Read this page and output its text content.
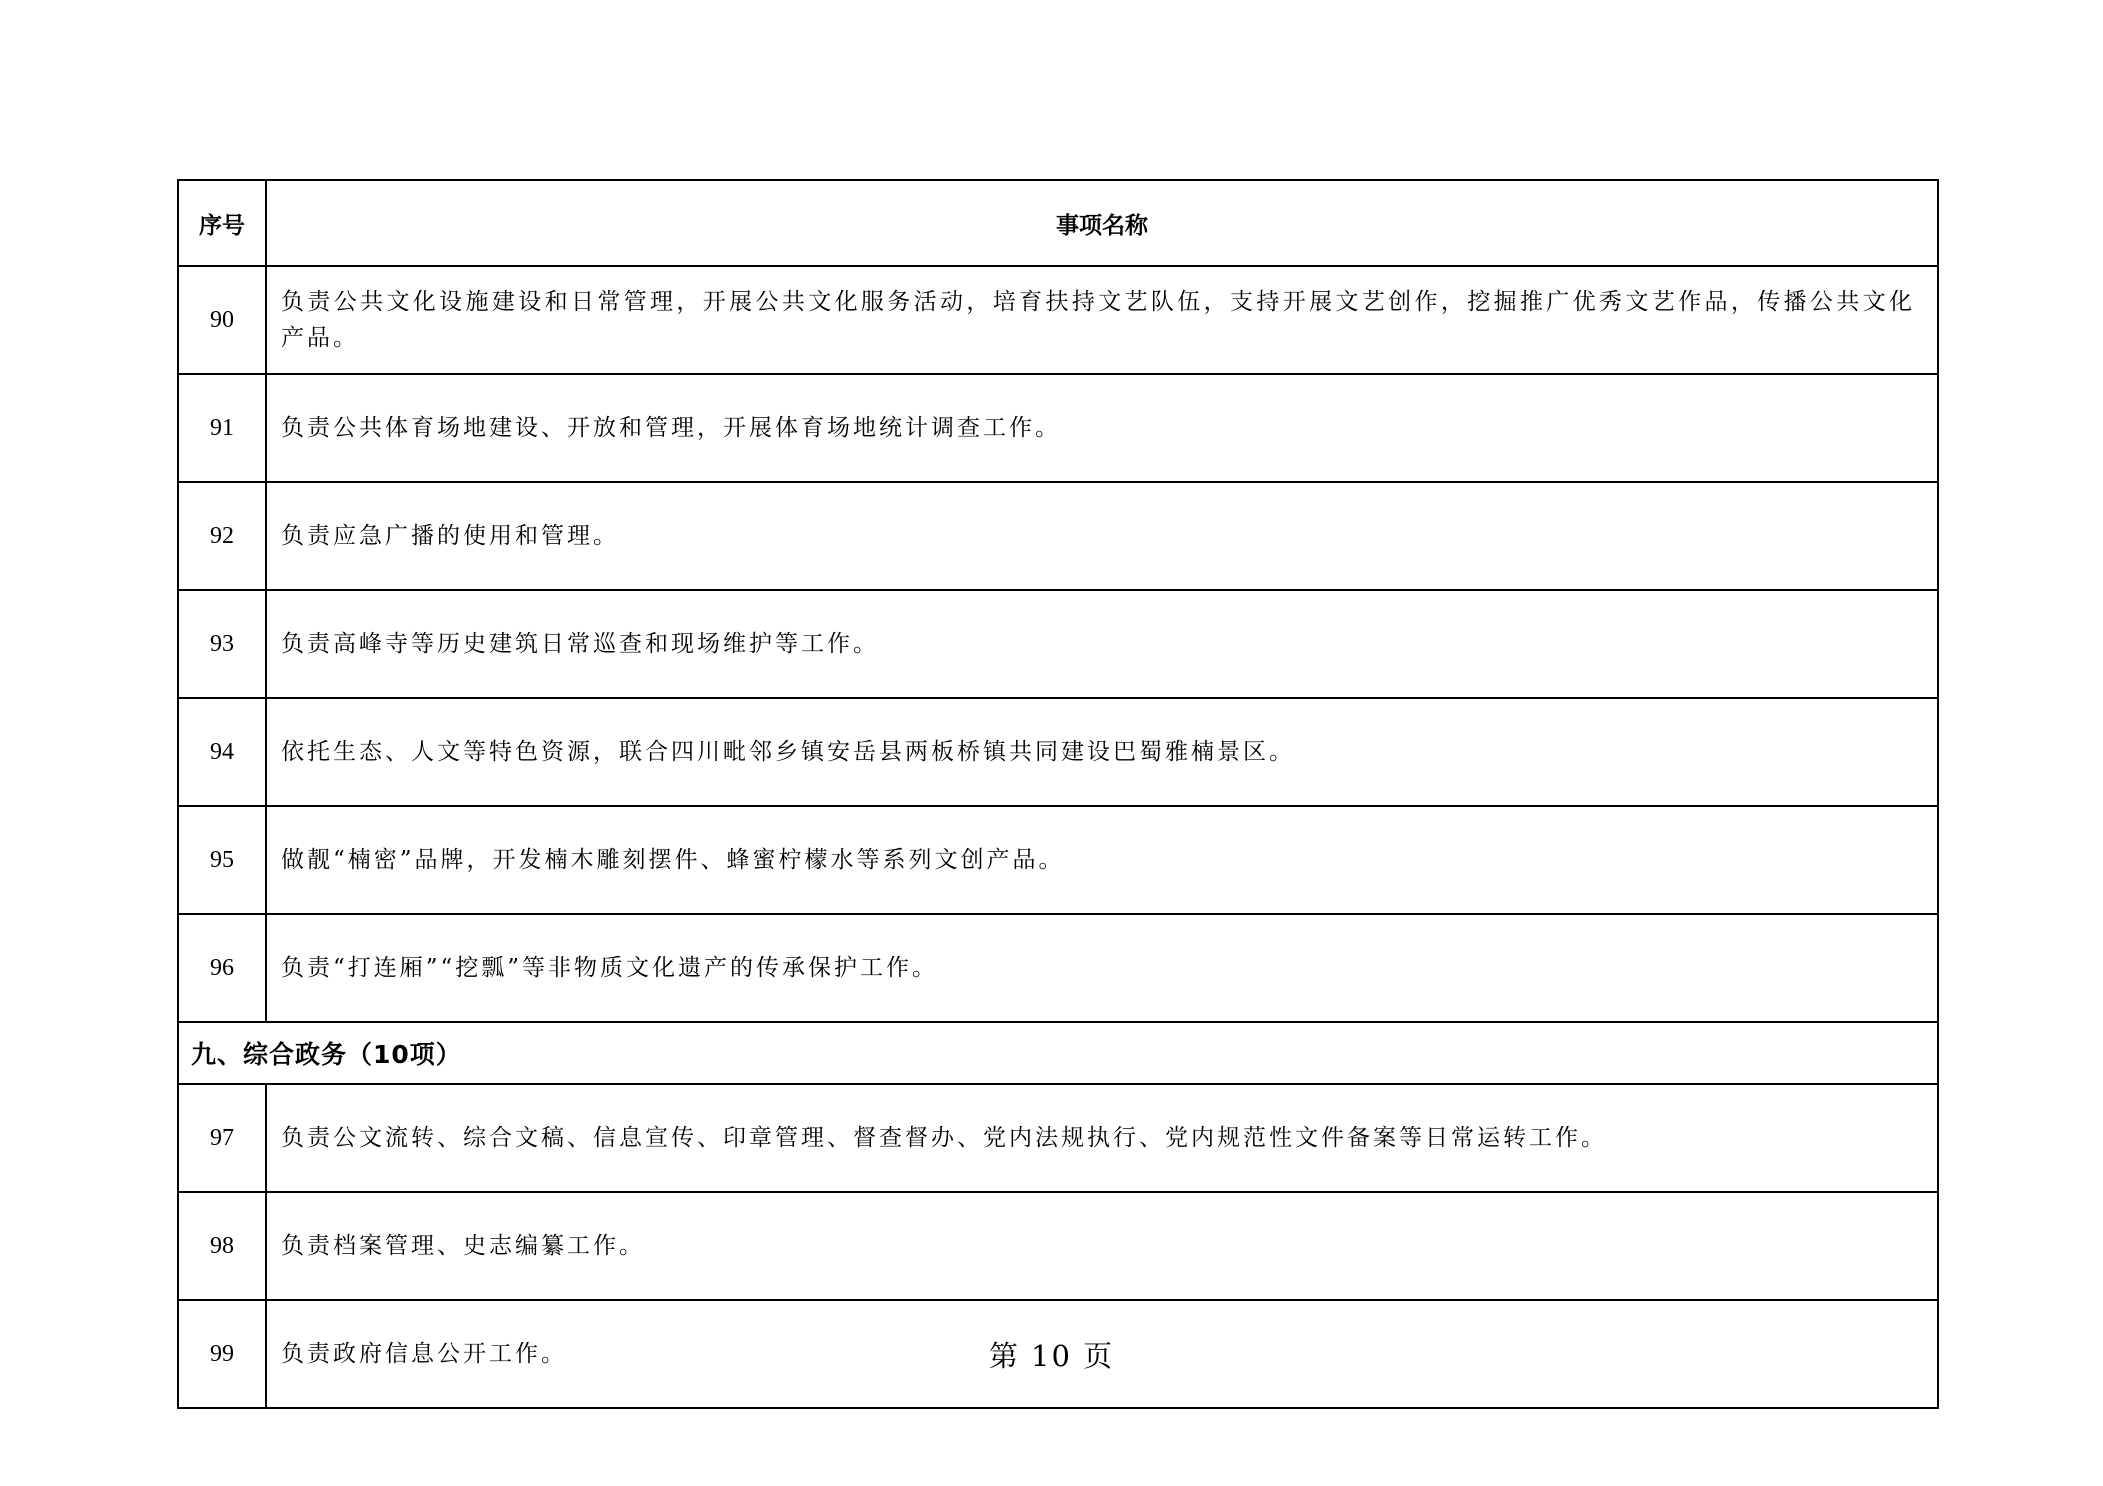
序号	事项名称
90	负责公共文化设施建设和日常管理，开展公共文化服务活动，培育扶持文艺队伍，支持开展文艺创作，挖掘推广优秀文艺作品，传播公共文化产品。
91	负责公共体育场地建设、开放和管理，开展体育场地统计调查工作。
92	负责应急广播的使用和管理。
93	负责高峰寺等历史建筑日常巡查和现场维护等工作。
94	依托生态、人文等特色资源，联合四川毗邻乡镇安岳县两板桥镇共同建设巴蜀雅楠景区。
95	做靓“楠密”品牌，开发楠木雕刻摆件、蜂蜜柠檬水等系列文创产品。
96	负责“打连厢”“挖瓢”等非物质文化遗产的传承保护工作。
九、综合政务（10项）	
97	负责公文流转、综合文稿、信息宣传、印章管理、督查督办、党内法规执行、党内规范性文件备案等日常运转工作。
98	负责档案管理、史志编纂工作。
99	负责政府信息公开工作。	第 10 页
